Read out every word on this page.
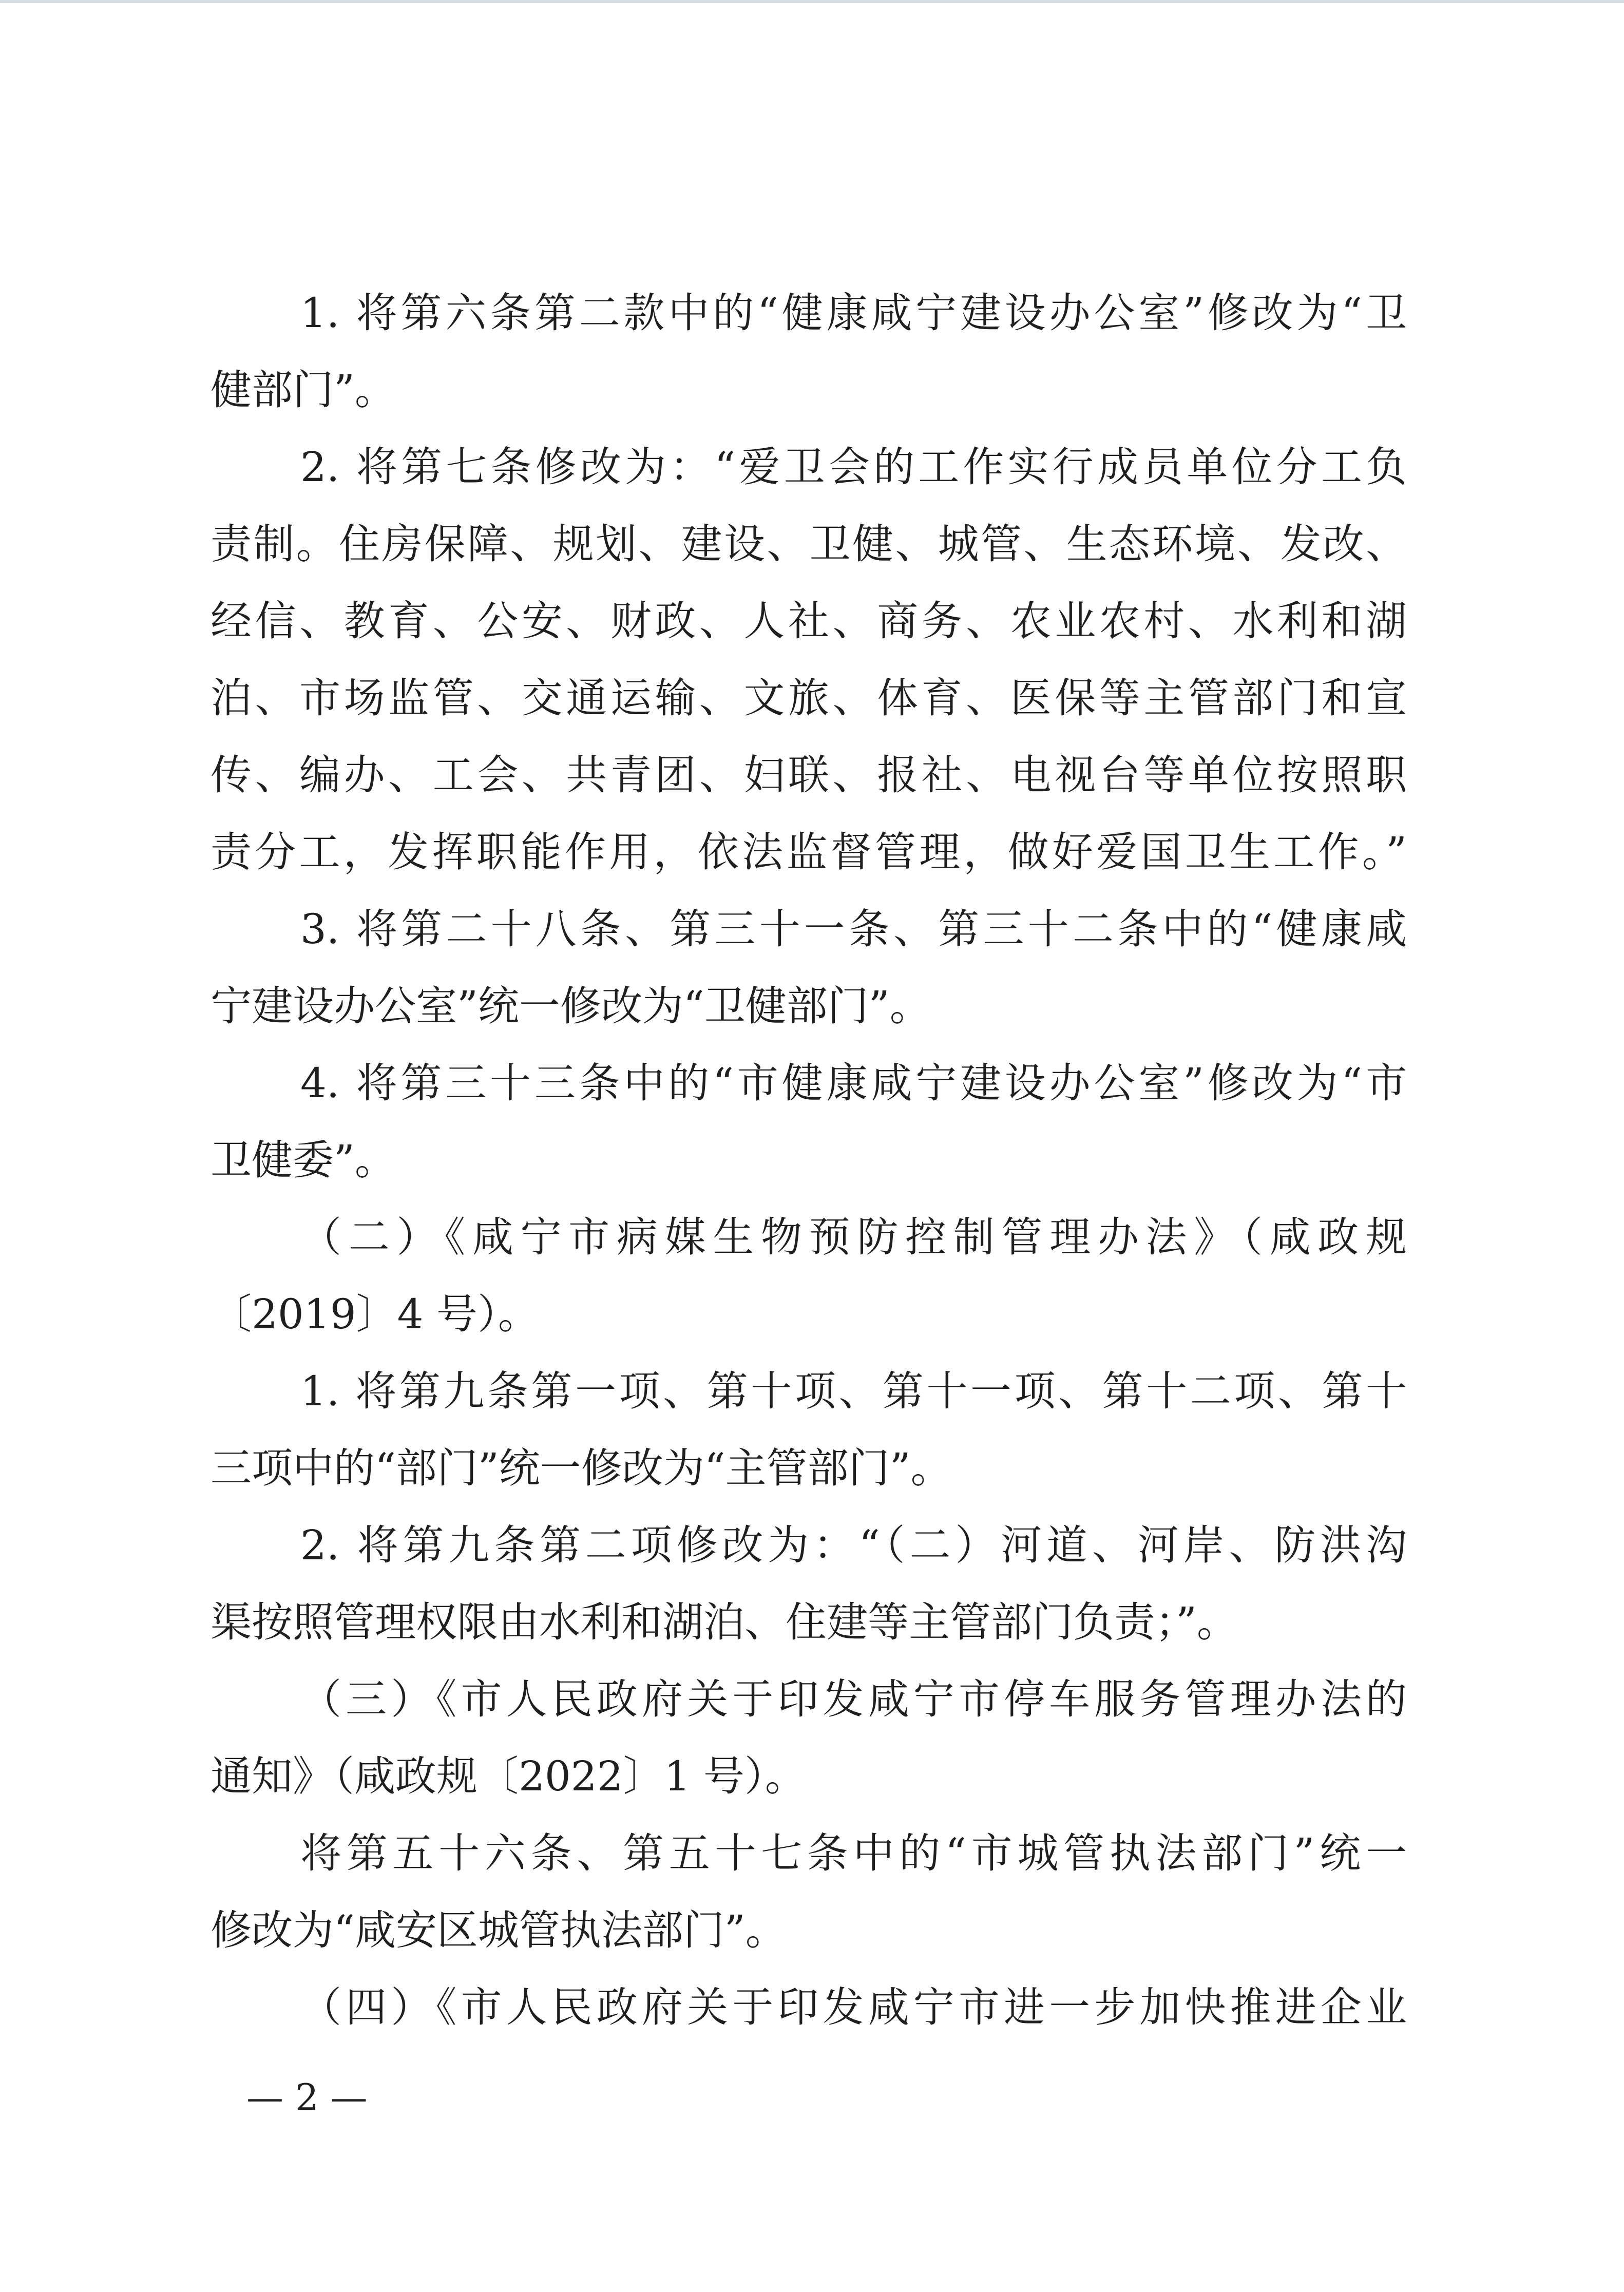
1. 将第六条第二款中的“健康咸宁建设办公室”修改为“卫
健部门”。
2. 将第七条修改为：“爱卫会的工作实行成员单位分工负
责制。住房保障、规划、建设、卫健、城管、生态环境、发改、
经信、教育、公安、财政、人社、商务、农业农村、水利和湖
泊、市场监管、交通运输、文旅、体育、医保等主管部门和宣
传、编办、工会、共青团、妇联、报社、电视台等单位按照职
责分工，发挥职能作用，依法监督管理，做好爱国卫生工作。”
3. 将第二十八条、第三十一条、第三十二条中的“健康咸
宁建设办公室”统一修改为“卫健部门”。
4. 将第三十三条中的“市健康咸宁建设办公室”修改为“市
卫健委”。
（二）《咸宁市病媒生物预防控制管理办法》（咸政规
〔2019〕4 号）。
1. 将第九条第一项、第十项、第十一项、第十二项、第十
三项中的“部门”统一修改为“主管部门”。
2. 将第九条第二项修改为：“（二）河道、河岸、防洪沟
渠按照管理权限由水利和湖泊、住建等主管部门负责；”。
（三）《市人民政府关于印发咸宁市停车服务管理办法的
通知》（咸政规〔2022〕1 号）。
将第五十六条、第五十七条中的“市城管执法部门”统一
修改为“咸安区城管执法部门”。
（四）《市人民政府关于印发咸宁市进一步加快推进企业
— 2 —
